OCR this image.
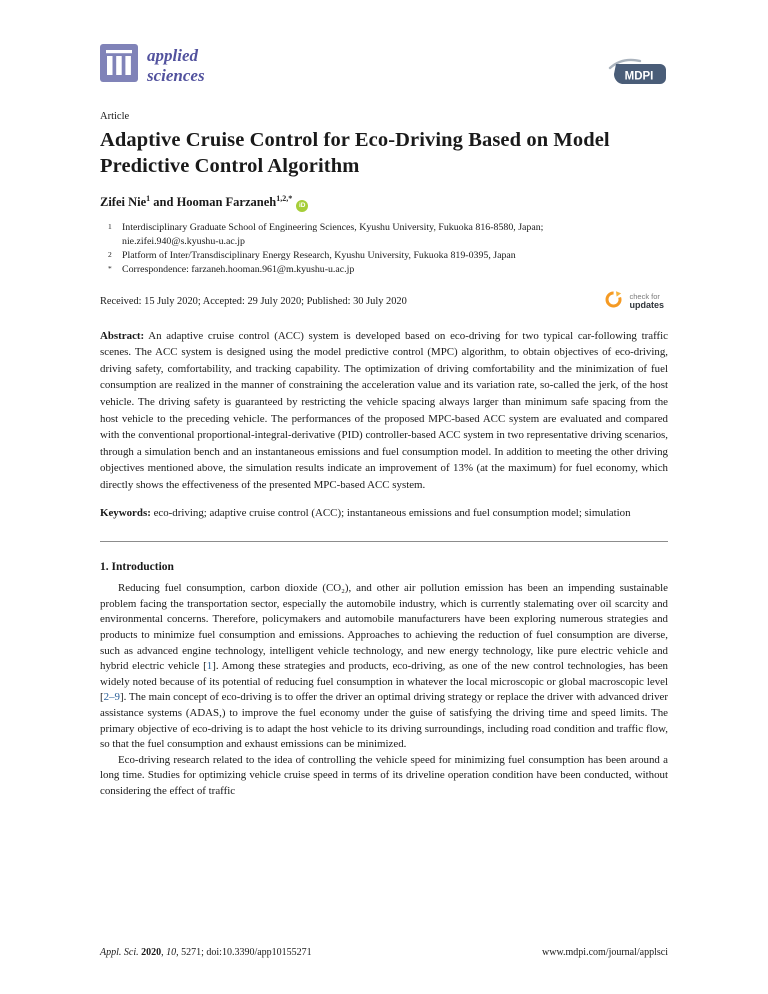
applied
sciences	MDPI
Article
Adaptive Cruise Control for Eco-Driving Based on Model Predictive Control Algorithm
Zifei Nie$^1$ and Hooman Farzaneh$^{1,2,*}$iD
1	Interdisciplinary Graduate School of Engineering Sciences, Kyushu University, Fukuoka 816-8580, Japan; nie.zifei.940@s.kyushu-u.ac.jp
2	Platform of Inter/Transdisciplinary Energy Research, Kyushu University, Fukuoka 819-0395, Japan
*	Correspondence: farzaneh.hooman.961@m.kyushu-u.ac.jp
Received: 15 July 2020; Accepted: 29 July 2020; Published: 30 July 2020
check for
updates

Abstract: An adaptive cruise control (ACC) system is developed based on eco-driving for two typical car-following traffic scenes. The ACC system is designed using the model predictive control (MPC) algorithm, to obtain objectives of eco-driving, driving safety, comfortability, and tracking capability. The optimization of driving comfortability and the minimization of fuel consumption are realized in the manner of constraining the acceleration value and its variation rate, so-called the jerk, of the host vehicle. The driving safety is guaranteed by restricting the vehicle spacing always larger than minimum safe spacing from the host vehicle to the preceding vehicle. The performances of the proposed MPC-based ACC system are evaluated and compared with the conventional proportional-integral-derivative (PID) controller-based ACC system in two representative driving scenarios, through a simulation bench and an instantaneous emissions and fuel consumption model. In addition to meeting the other driving objectives mentioned above, the simulation results indicate an improvement of 13% (at the maximum) for fuel economy, which directly shows the effectiveness of the presented MPC-based ACC system.

Keywords: eco-driving; adaptive cruise control (ACC); instantaneous emissions and fuel consumption model; simulation

1. Introduction

Reducing fuel consumption, carbon dioxide (CO₂), and other air pollution emission has been an impending sustainable problem facing the transportation sector, especially the automobile industry, which is currently stalemating over oil scarcity and environmental concerns. Therefore, policymakers and automobile manufacturers have been exploring numerous strategies and products to minimize fuel consumption and emissions. Approaches to achieving the reduction of fuel consumption are diverse, such as advanced engine technology, intelligent vehicle technology, and new energy technology, like pure electric vehicle and hybrid electric vehicle [1]. Among these strategies and products, eco-driving, as one of the new control technologies, has been widely noted because of its potential of reducing fuel consumption in whatever the local microscopic or global macroscopic level [2–9]. The main concept of eco-driving is to offer the driver an optimal driving strategy or replace the driver with advanced driver assistance systems (ADAS,) to improve the fuel economy under the guise of satisfying the driving time and speed limits. The primary objective of eco-driving is to adapt the host vehicle to its driving surroundings, including road condition and traffic flow, so that the fuel consumption and exhaust emissions can be minimized.

Eco-driving research related to the idea of controlling the vehicle speed for minimizing fuel consumption has been around a long time. Studies for optimizing vehicle cruise speed in terms of its driveline operation condition have been conducted, without considering the effect of traffic

Appl. Sci. 2020, 10, 5271; doi:10.3390/app10155271	www.mdpi.com/journal/applsci
